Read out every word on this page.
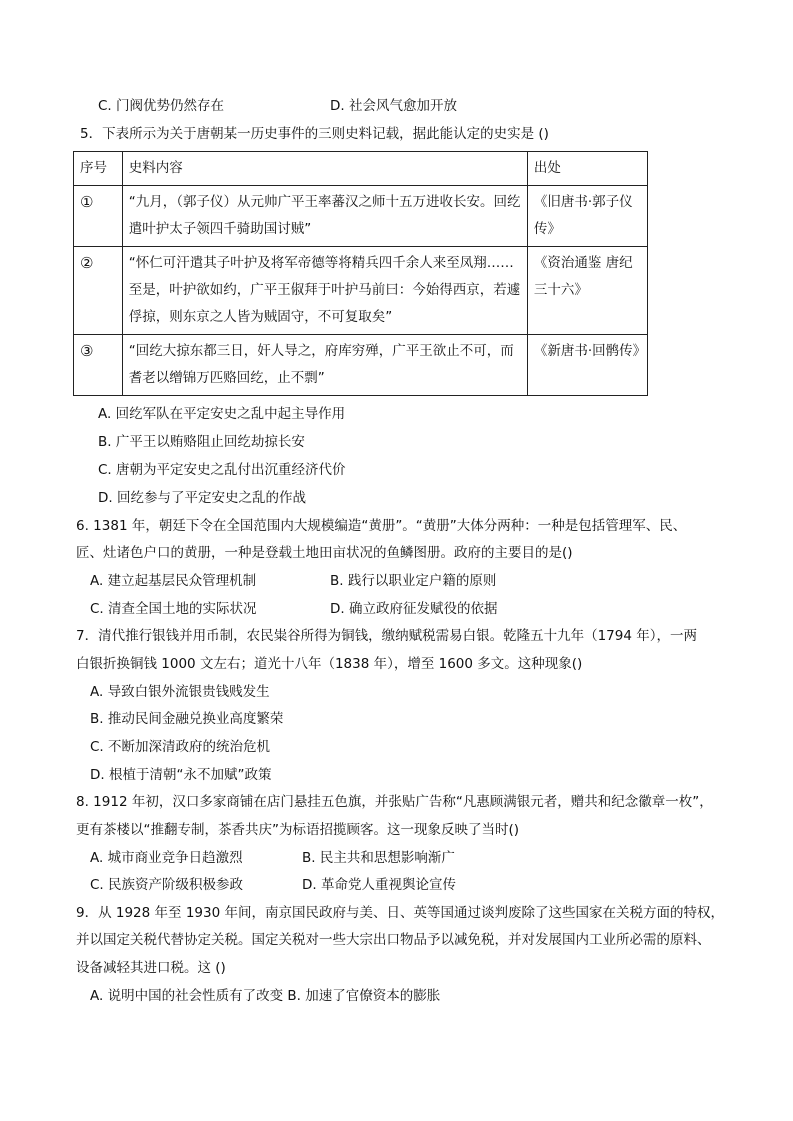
C. 门阀优势仍然存在	D. 社会风气愈加开放
5．下表所示为关于唐朝某一历史事件的三则史料记载，据此能认定的史实是 ()
序号	史料内容	出处
①	“九月，（郭子仪）从元帅广平王率蕃汉之师十五万进收长安。回纥遣叶护太子领四千骑助国讨贼”	《旧唐书·郭子仪传》
②	“怀仁可汗遣其子叶护及将军帝德等将精兵四千余人来至凤翔……至是，叶护欲如约，广平王俶拜于叶护马前曰：今始得西京，若遽俘掠，则东京之人皆为贼固守，不可复取矣”	《资治通鉴 唐纪三十六》
③	“回纥大掠东都三日，奸人导之，府库穷殚，广平王欲止不可，而耆老以缯锦万匹赂回纥，止不剽”	《新唐书·回鹘传》
A. 回纥军队在平定安史之乱中起主导作用
B. 广平王以贿赂阻止回纥劫掠长安
C. 唐朝为平定安史之乱付出沉重经济代价
D. 回纥参与了平定安史之乱的作战
6. 1381 年，朝廷下令在全国范围内大规模编造“黄册”。“黄册”大体分两种：一种是包括管理军、民、
匠、灶诸色户口的黄册，一种是登载土地田亩状况的鱼鳞图册。政府的主要目的是()
A. 建立起基层民众管理机制	B. 践行以职业定户籍的原则
C. 清查全国土地的实际状况	D. 确立政府征发赋役的依据
7．清代推行银钱并用币制，农民粜谷所得为铜钱，缴纳赋税需易白银。乾隆五十九年（1794 年），一两
白银折换铜钱 1000 文左右；道光十八年（1838 年），增至 1600 多文。这种现象()
A. 导致白银外流银贵钱贱发生
B. 推动民间金融兑换业高度繁荣
C. 不断加深清政府的统治危机
D. 根植于清朝“永不加赋”政策
8. 1912 年初，汉口多家商铺在店门悬挂五色旗，并张贴广告称“凡惠顾满银元者，赠共和纪念徽章一枚”，
更有茶楼以“推翻专制，茶香共庆”为标语招揽顾客。这一现象反映了当时()
A. 城市商业竞争日趋激烈	B. 民主共和思想影响渐广
C. 民族资产阶级积极参政	D. 革命党人重视舆论宣传
9．从 1928 年至 1930 年间，南京国民政府与美、日、英等国通过谈判废除了这些国家在关税方面的特权，
并以国定关税代替协定关税。国定关税对一些大宗出口物品予以减免税，并对发展国内工业所必需的原料、
设备减轻其进口税。这 ()
A. 说明中国的社会性质有了改变 B. 加速了官僚资本的膨胀
